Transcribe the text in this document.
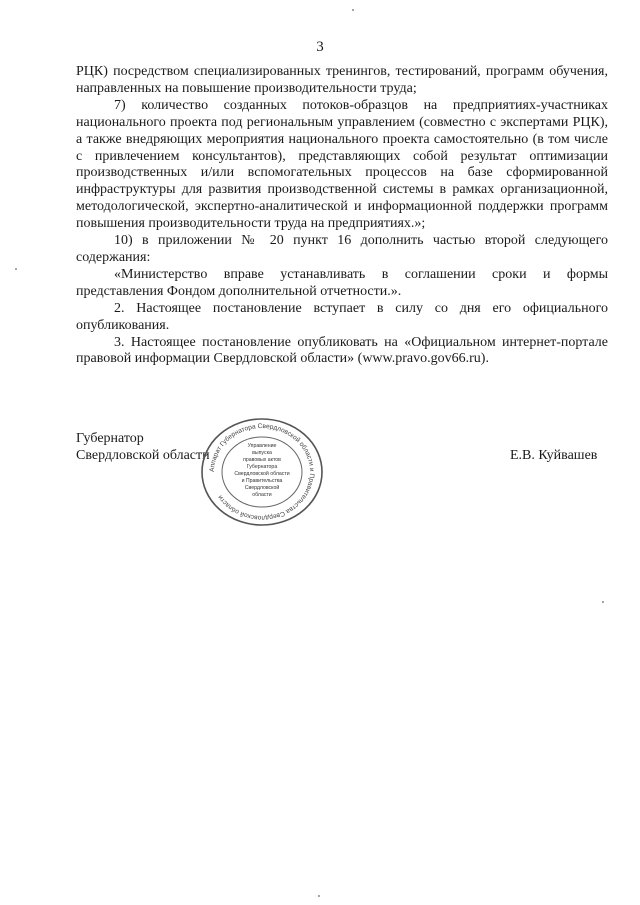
3

РЦК) посредством специализированных тренингов, тестирований, программ обучения, направленных на повышение производительности труда;

7) количество созданных потоков-образцов на предприятиях-участниках национального проекта под региональным управлением (совместно с экспертами РЦК), а также внедряющих мероприятия национального проекта самостоятельно (в том числе с привлечением консультантов), представляющих собой результат оптимизации производственных и/или вспомогательных процессов на базе сформированной инфраструктуры для развития производственной системы в рамках организационной, методологической, экспертно-аналитической и информационной поддержки программ повышения производительности труда на предприятиях.»;

10) в приложении № 20 пункт 16 дополнить частью второй следующего содержания:

«Министерство вправе устанавливать в соглашении сроки и формы представления Фондом дополнительной отчетности.».

2. Настоящее постановление вступает в силу со дня его официального опубликования.

3. Настоящее постановление опубликовать на «Официальном интернет-портале правовой информации Свердловской области» (www.pravo.gov66.ru).

Губернатор
Свердловской области	Е.В. Куйвашев
Аппарат Губернатора Свердловской области и Правительства Свердловской области
Управление
выпуска
правовых актов
Губернатора
Свердловской области
и Правительства
Свердловской
области
